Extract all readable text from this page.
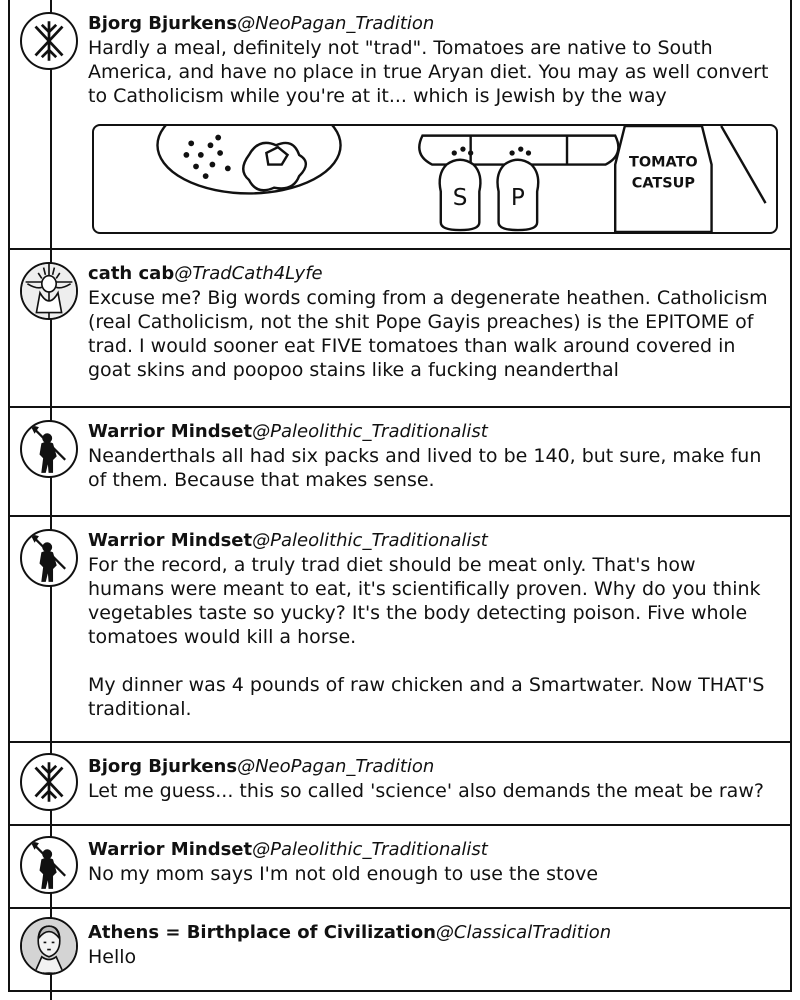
Bjorg Bjurkens@NeoPagan_Tradition
Hardly a meal, definitely not "trad". Tomatoes are native to South America, and have no place in true Aryan diet. You may as well convert to Catholicism while you're at it... which is Jewish by the way
S P
TOMATO
CATSUP
cath cab@TradCath4Lyfe
Excuse me? Big words coming from a degenerate heathen. Catholicism (real Catholicism, not the shit Pope Gayis preaches) is the EPITOME of trad. I would sooner eat FIVE tomatoes than walk around covered in goat skins and poopoo stains like a fucking neanderthal
Warrior Mindset@Paleolithic_Traditionalist
Neanderthals all had six packs and lived to be 140, but sure, make fun of them. Because that makes sense.
Warrior Mindset@Paleolithic_Traditionalist
For the record, a truly trad diet should be meat only. That's how humans were meant to eat, it's scientifically proven. Why do you think vegetables taste so yucky? It's the body detecting poison. Five whole tomatoes would kill a horse.

My dinner was 4 pounds of raw chicken and a Smartwater. Now THAT'S traditional.
Bjorg Bjurkens@NeoPagan_Tradition
Let me guess... this so called 'science' also demands the meat be raw?
Warrior Mindset@Paleolithic_Traditionalist
No my mom says I'm not old enough to use the stove
Athens = Birthplace of Civilization@ClassicalTradition
Hello
